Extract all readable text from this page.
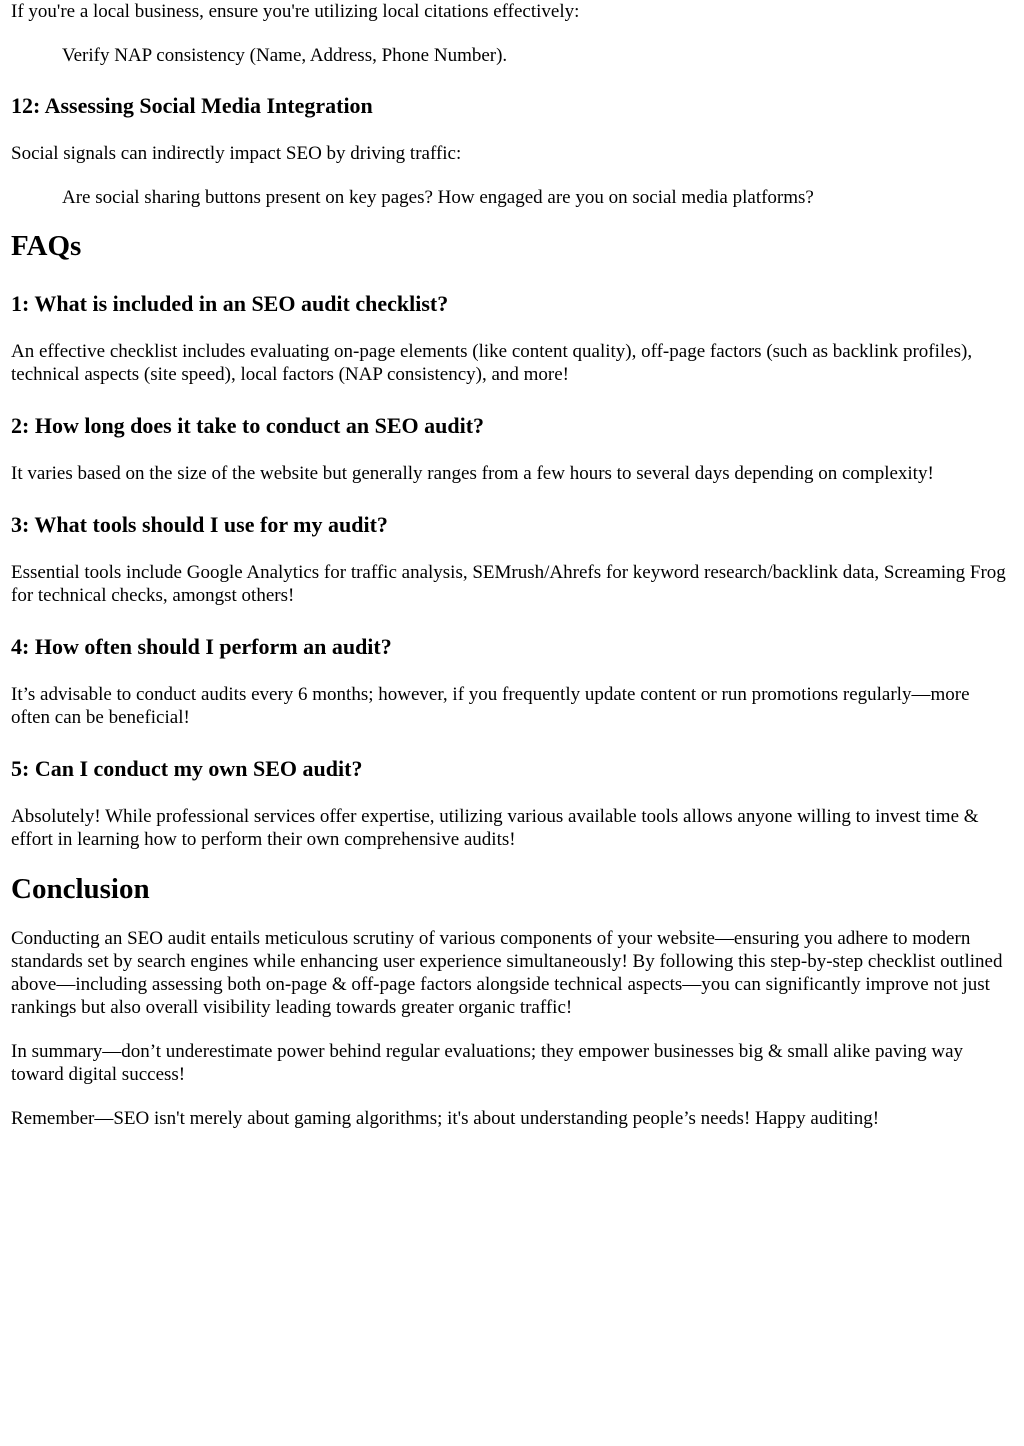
If you're a local business, ensure you're utilizing local citations effectively:

Verify NAP consistency (Name, Address, Phone Number).
12: Assessing Social Media Integration

Social signals can indirectly impact SEO by driving traffic:

Are social sharing buttons present on key pages? How engaged are you on social media platforms?
FAQs
1: What is included in an SEO audit checklist?

An effective checklist includes evaluating on-page elements (like content quality), off-page factors (such as backlink profiles), technical aspects (site speed), local factors (NAP consistency), and more!

2: How long does it take to conduct an SEO audit?

It varies based on the size of the website but generally ranges from a few hours to several days depending on complexity!

3: What tools should I use for my audit?

Essential tools include Google Analytics for traffic analysis, SEMrush/Ahrefs for keyword research/backlink data, Screaming Frog for technical checks, amongst others!

4: How often should I perform an audit?

It’s advisable to conduct audits every 6 months; however, if you frequently update content or run promotions regularly—more often can be beneficial!

5: Can I conduct my own SEO audit?

Absolutely! While professional services offer expertise, utilizing various available tools allows anyone willing to invest time & effort in learning how to perform their own comprehensive audits!

Conclusion

Conducting an SEO audit entails meticulous scrutiny of various components of your website—ensuring you adhere to modern standards set by search engines while enhancing user experience simultaneously! By following this step-by-step checklist outlined above—including assessing both on-page & off-page factors alongside technical aspects—you can significantly improve not just rankings but also overall visibility leading towards greater organic traffic!

In summary—don’t underestimate power behind regular evaluations; they empower businesses big & small alike paving way toward digital success!

Remember—SEO isn't merely about gaming algorithms; it's about understanding people’s needs! Happy auditing!
